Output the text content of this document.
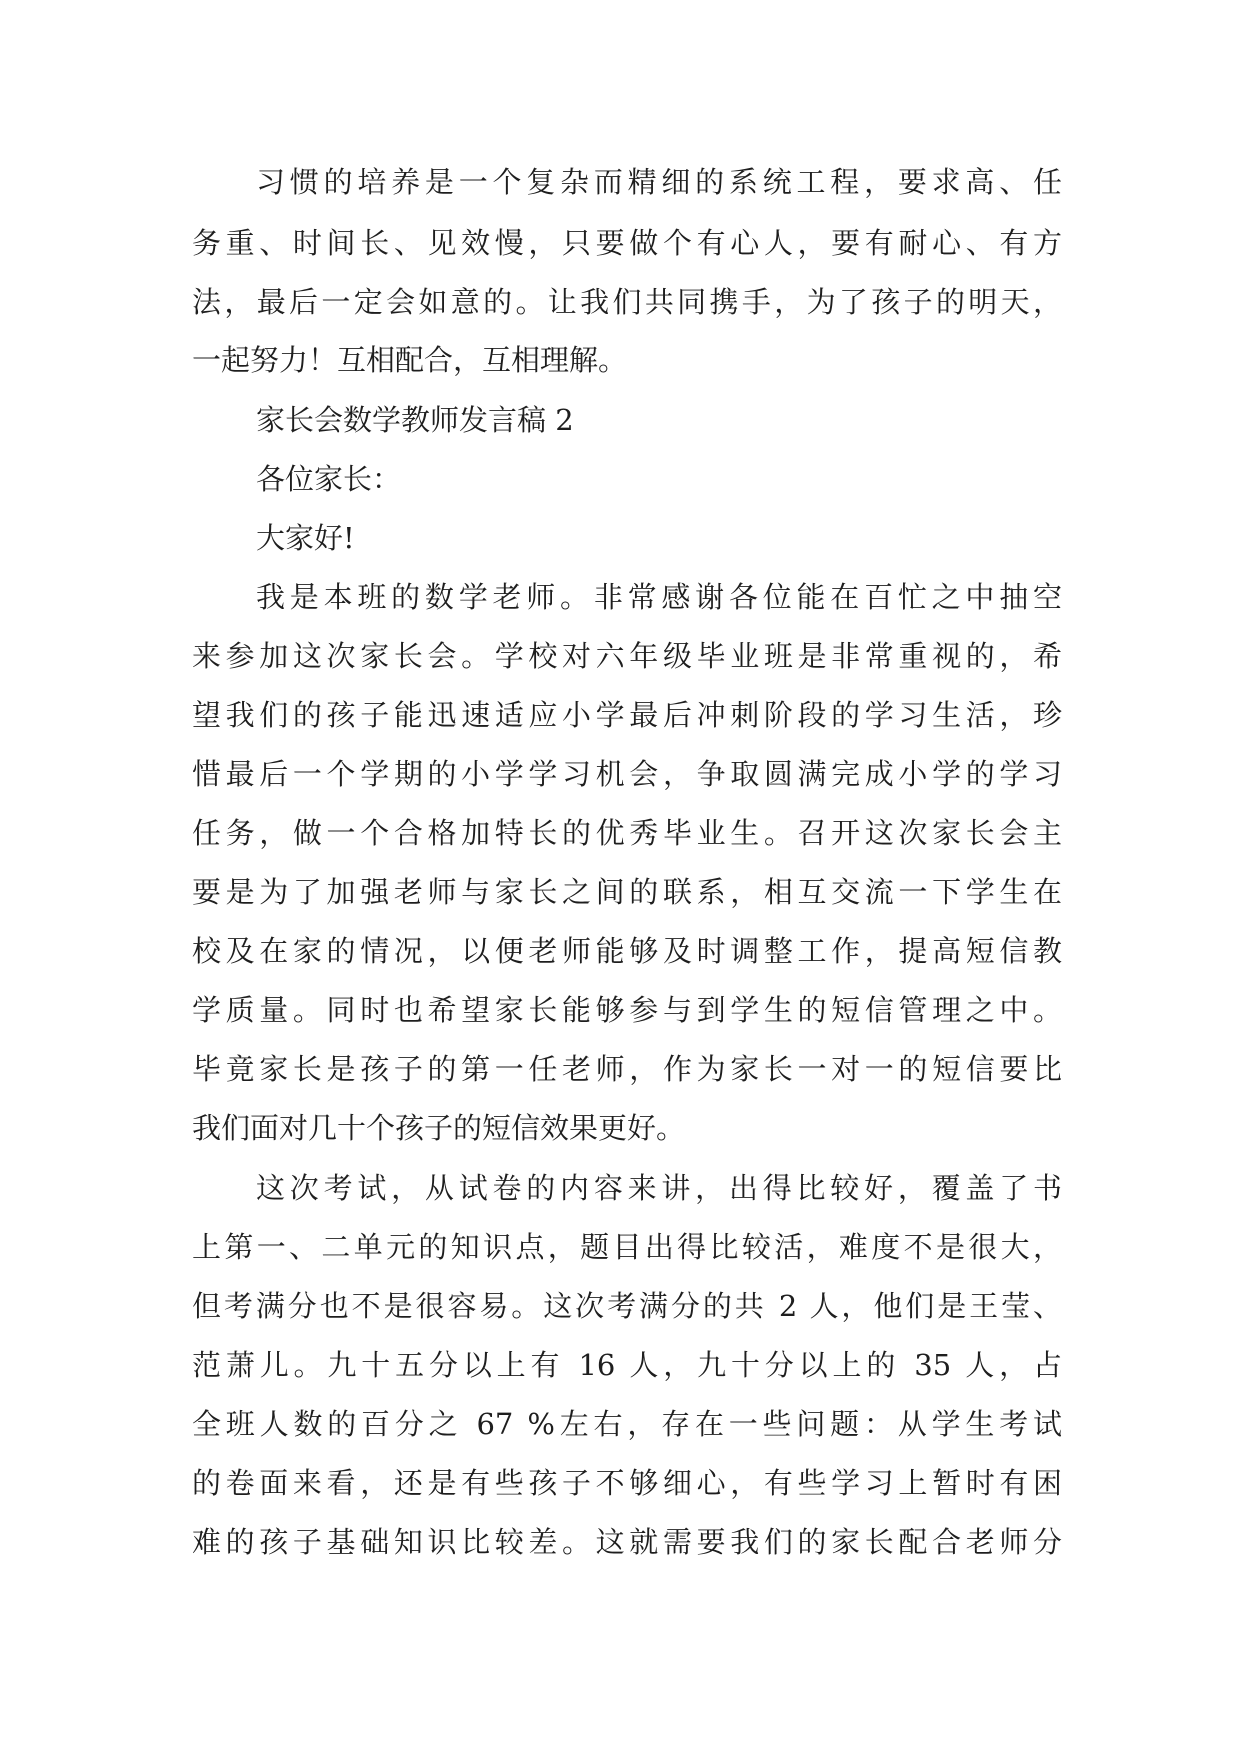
习惯的培养是一个复杂而精细的系统工程，要求高、任

务重、时间长、见效慢，只要做个有心人，要有耐心、有方

法，最后一定会如意的。让我们共同携手，为了孩子的明天，

一起努力！互相配合，互相理解。

家长会数学教师发言稿 2

各位家长：

大家好!

我是本班的数学老师。非常感谢各位能在百忙之中抽空

来参加这次家长会。学校对六年级毕业班是非常重视的，希

望我们的孩子能迅速适应小学最后冲刺阶段的学习生活，珍

惜最后一个学期的小学学习机会，争取圆满完成小学的学习

任务，做一个合格加特长的优秀毕业生。召开这次家长会主

要是为了加强老师与家长之间的联系，相互交流一下学生在

校及在家的情况，以便老师能够及时调整工作，提高短信教

学质量。同时也希望家长能够参与到学生的短信管理之中。

毕竟家长是孩子的第一任老师，作为家长一对一的短信要比

我们面对几十个孩子的短信效果更好。

这次考试，从试卷的内容来讲，出得比较好，覆盖了书

上第一、二单元的知识点，题目出得比较活，难度不是很大，

但考满分也不是很容易。这次考满分的共 2 人，他们是王莹、

范萧儿。九十五分以上有 16 人，九十分以上的 35 人，占

全班人数的百分之 67 %左右，存在一些问题：从学生考试

的卷面来看，还是有些孩子不够细心，有些学习上暂时有困

难的孩子基础知识比较差。这就需要我们的家长配合老师分
